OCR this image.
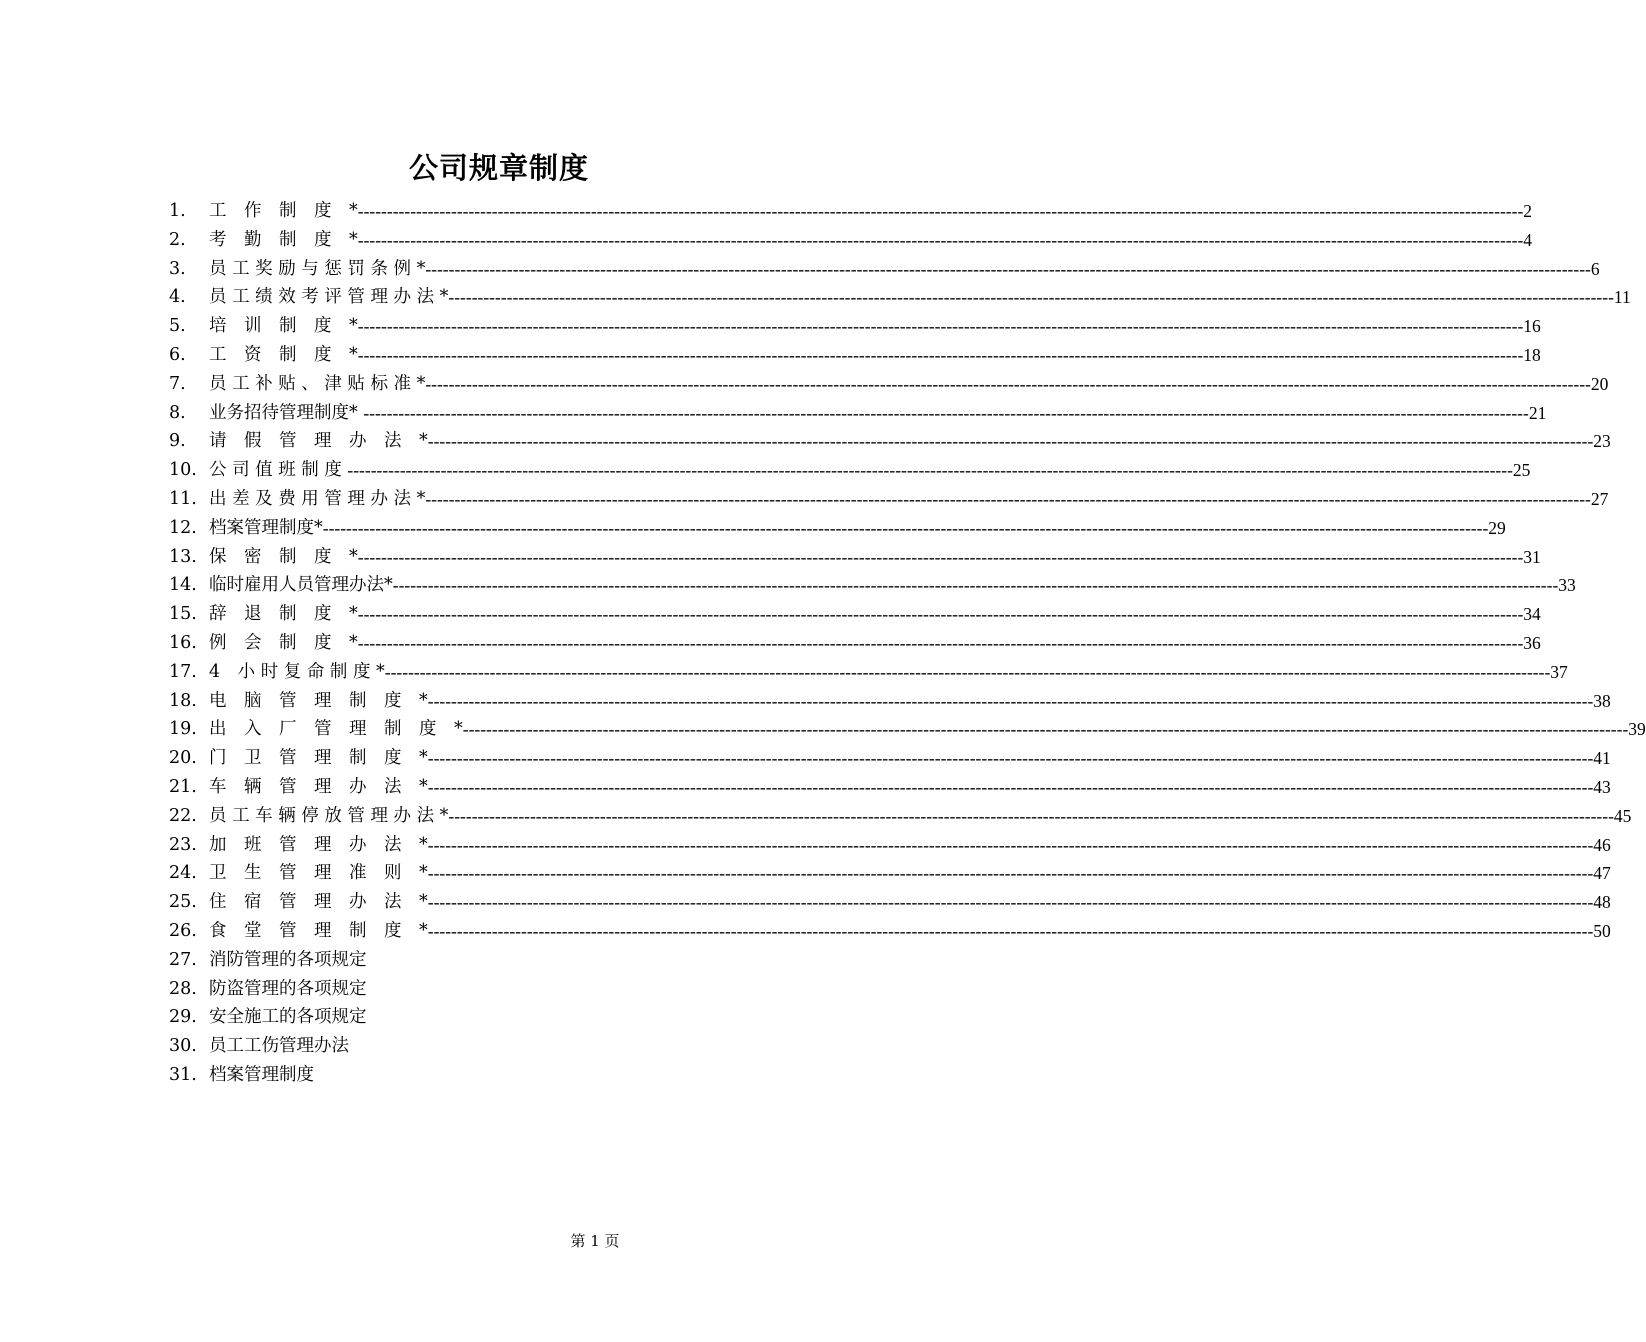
公司规章制度
1.	工　作　制　度　* -------------------------------------------------------------------------------------------------------------------------------------------------------------------------------------------------------- 2
2.	考　勤　制　度　* -------------------------------------------------------------------------------------------------------------------------------------------------------------------------------------------------------- 4
3.	员 工 奖 励 与 惩 罚 条 例 * -------------------------------------------------------------------------------------------------------------------------------------------------------------------------------------------------------- 6
4.	员 工 绩 效 考 评 管 理 办 法 * -------------------------------------------------------------------------------------------------------------------------------------------------------------------------------------------------------- 11
5.	培　训　制　度　* -------------------------------------------------------------------------------------------------------------------------------------------------------------------------------------------------------- 16
6.	工　资　制　度　* -------------------------------------------------------------------------------------------------------------------------------------------------------------------------------------------------------- 18
7.	员 工 补 贴 、 津 贴 标 准 * -------------------------------------------------------------------------------------------------------------------------------------------------------------------------------------------------------- 20
8.	业务招待管理制度* -------------------------------------------------------------------------------------------------------------------------------------------------------------------------------------------------------- 21
9.	请　假　管　理　办　法　* -------------------------------------------------------------------------------------------------------------------------------------------------------------------------------------------------------- 23
10. 公 司 值 班 制 度 -------------------------------------------------------------------------------------------------------------------------------------------------------------------------------------------------------- 25
11. 出 差 及 费 用 管 理 办 法 * -------------------------------------------------------------------------------------------------------------------------------------------------------------------------------------------------------- 27
12. 档案管理制度* -------------------------------------------------------------------------------------------------------------------------------------------------------------------------------------------------------- 29
13. 保　密　制　度　* -------------------------------------------------------------------------------------------------------------------------------------------------------------------------------------------------------- 31
14. 临时雇用人员管理办法* -------------------------------------------------------------------------------------------------------------------------------------------------------------------------------------------------------- 33
15. 辞　退　制　度　* -------------------------------------------------------------------------------------------------------------------------------------------------------------------------------------------------------- 34
16. 例　会　制　度　* -------------------------------------------------------------------------------------------------------------------------------------------------------------------------------------------------------- 36
17. 4　小 时 复 命 制 度 * -------------------------------------------------------------------------------------------------------------------------------------------------------------------------------------------------------- 37
18. 电　脑　管　理　制　度　* -------------------------------------------------------------------------------------------------------------------------------------------------------------------------------------------------------- 38
19. 出　入　厂　管　理　制　度　* -------------------------------------------------------------------------------------------------------------------------------------------------------------------------------------------------------- 39
20. 门　卫　管　理　制　度　* -------------------------------------------------------------------------------------------------------------------------------------------------------------------------------------------------------- 41
21. 车　辆　管　理　办　法　* -------------------------------------------------------------------------------------------------------------------------------------------------------------------------------------------------------- 43
22. 员 工 车 辆 停 放 管 理 办 法 * -------------------------------------------------------------------------------------------------------------------------------------------------------------------------------------------------------- 45
23. 加　班　管　理　办　法　* -------------------------------------------------------------------------------------------------------------------------------------------------------------------------------------------------------- 46
24. 卫　生　管　理　准　则　* -------------------------------------------------------------------------------------------------------------------------------------------------------------------------------------------------------- 47
25. 住　宿　管　理　办　法　* -------------------------------------------------------------------------------------------------------------------------------------------------------------------------------------------------------- 48
26. 食　堂　管　理　制　度　* -------------------------------------------------------------------------------------------------------------------------------------------------------------------------------------------------------- 50
27. 消防管理的各项规定
28. 防盗管理的各项规定
29. 安全施工的各项规定
30. 员工工伤管理办法
31. 档案管理制度
第 1 页
